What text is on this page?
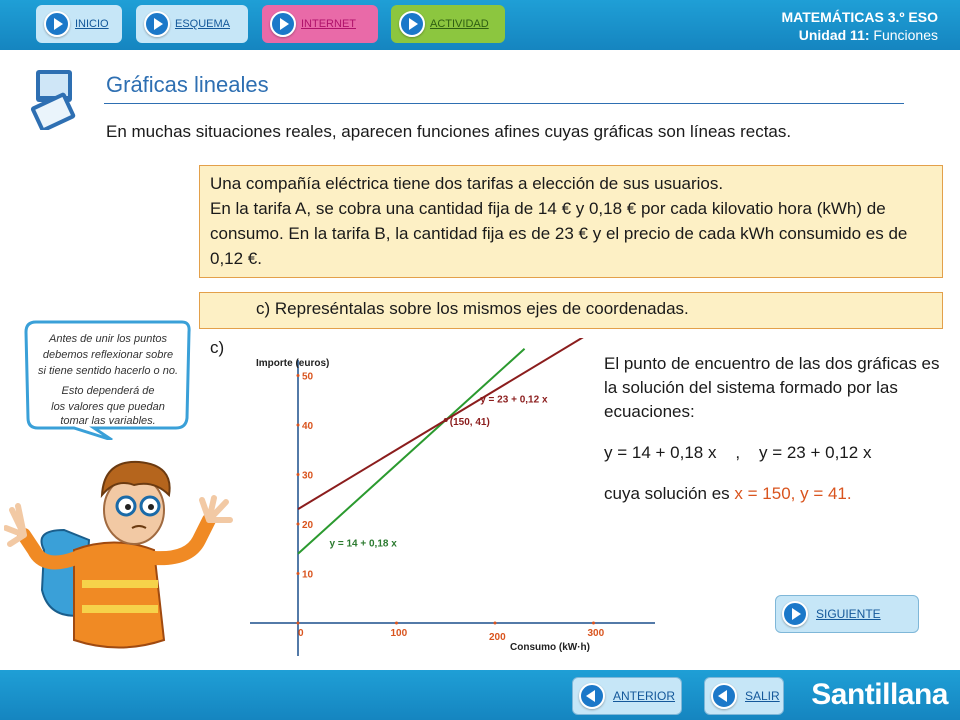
INICIO	ESQUEMA	INTERNET	ACTIVIDAD	MATEMÁTICAS 3.º ESO
Unidad 11: Funciones
Gráficas lineales
En muchas situaciones reales, aparecen funciones afines cuyas gráficas son líneas rectas.
Una compañía eléctrica tiene dos tarifas a elección de sus usuarios.
En la tarifa A, se cobra una cantidad fija de 14 € y 0,18 € por cada kilovatio hora (kWh) de consumo. En la tarifa B, la cantidad fija es de 23 € y el precio de cada kWh consumido es de 0,12 €.
c) Represéntalas sobre los mismos ejes de coordenadas.
c)
Antes de unir los puntos
debemos reflexionar sobre
si tiene sentido hacerlo o no.
Esto dependerá de
los valores que puedan
tomar las variables.
Importe (euros)
Consumo (kW·h)
10
20
30
40
50
0	100	200	300
y = 14 + 0,18 x
y = 23 + 0,12 x
(150, 41)
El punto de encuentro de las dos gráficas es la solución del sistema formado por las ecuaciones:
y = 14 + 0,18 x    ,    y = 23 + 0,12 x
cuya solución es x = 150, y = 41.
SIGUIENTE
ANTERIOR	SALIR Santillana
